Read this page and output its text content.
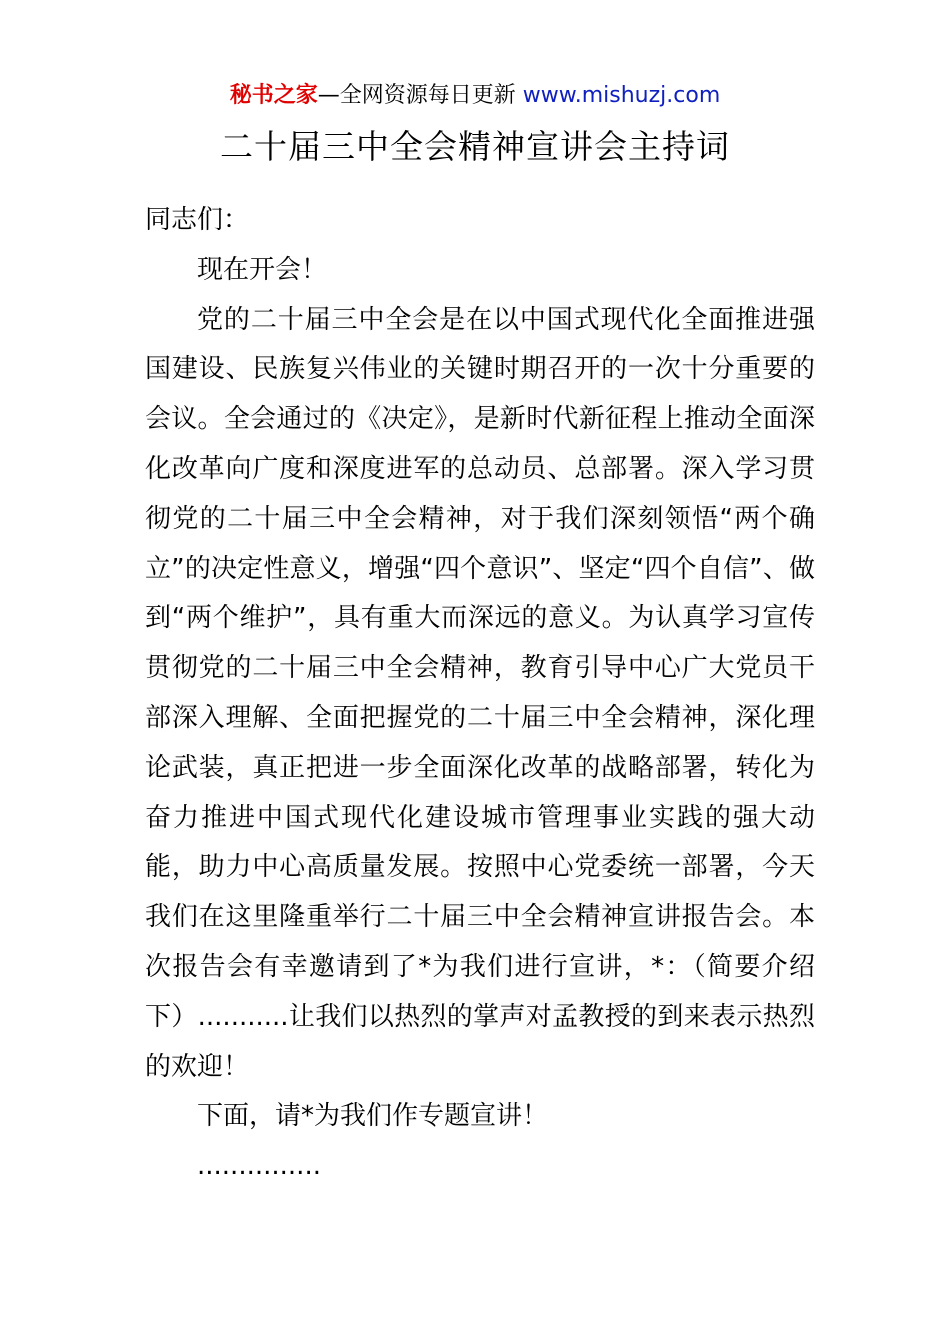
秘书之家—全网资源每日更新 www.mishuzj.com
二十届三中全会精神宣讲会主持词

同志们：

现在开会！

党的二十届三中全会是在以中国式现代化全面推进强国建设、民族复兴伟业的关键时期召开的一次十分重要的会议。全会通过的《决定》，是新时代新征程上推动全面深化改革向广度和深度进军的总动员、总部署。深入学习贯彻党的二十届三中全会精神，对于我们深刻领悟“两个确立”的决定性意义，增强“四个意识”、坚定“四个自信”、做到“两个维护”，具有重大而深远的意义。为认真学习宣传贯彻党的二十届三中全会精神，教育引导中心广大党员干部深入理解、全面把握党的二十届三中全会精神，深化理论武装，真正把进一步全面深化改革的战略部署，转化为奋力推进中国式现代化建设城市管理事业实践的强大动能，助力中心高质量发展。按照中心党委统一部署，今天我们在这里隆重举行二十届三中全会精神宣讲报告会。本次报告会有幸邀请到了*为我们进行宣讲，*：（简要介绍下）...........让我们以热烈的掌声对孟教授的到来表示热烈的欢迎！

下面，请*为我们作专题宣讲！

...............
